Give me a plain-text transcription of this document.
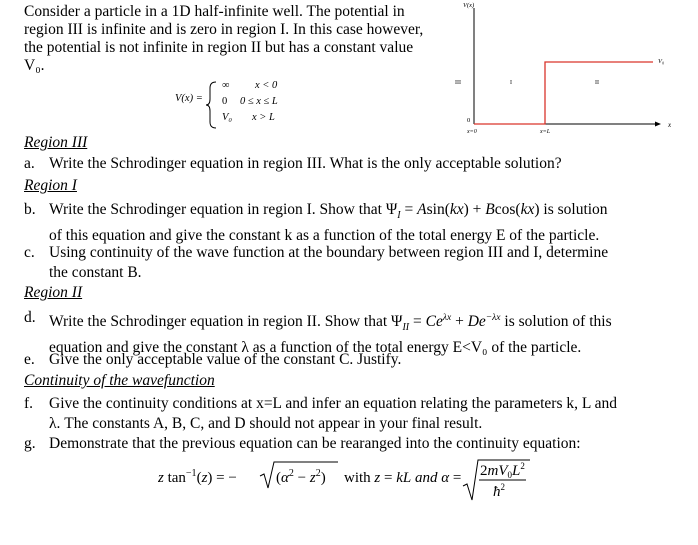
Consider a particle in a 1D half-infinite well. The potential in
region III is infinite and is zero in region I. In this case however,
the potential is not infinite in region II but has a constant value
V₀.
V(x) =
∞ x < 0
0 0 ≤ x ≤ L
V₀ x > L
V(x)
V₀
x
0
III	I	II
x=0	x=L
Region III
a. Write the Schrodinger equation in region III. What is the only acceptable solution?
Region I
b. Write the Schrodinger equation in region I. Show that $\Psi_I = Asin(kx) + Bcos(kx)$ is solution
of this equation and give the constant k as a function of the total energy E of the particle.
c. Using continuity of the wave function at the boundary between region III and I, determine
the constant B.
Region II
d. Write the Schrodinger equation in region II. Show that $\Psi_{II} = Ce^{\lambda x} + De^{-\lambda x}$ is solution of this
equation and give the constant λ as a function of the total energy E<V₀ of the particle.
e. Give the only acceptable value of the constant C. Justify.
Continuity of the wavefunction
f. Give the continuity conditions at x=L and infer an equation relating the parameters k, L and
λ. The constants A, B, C, and D should not appear in your final result.
g. Demonstrate that the previous equation can be rearanged into the continuity equation:
z $\tan^{-1}(z)$ = −	$(\alpha^2 - z^2)$ with z = kL and $\alpha = 2mV_0L^2$
$ħ^2$
